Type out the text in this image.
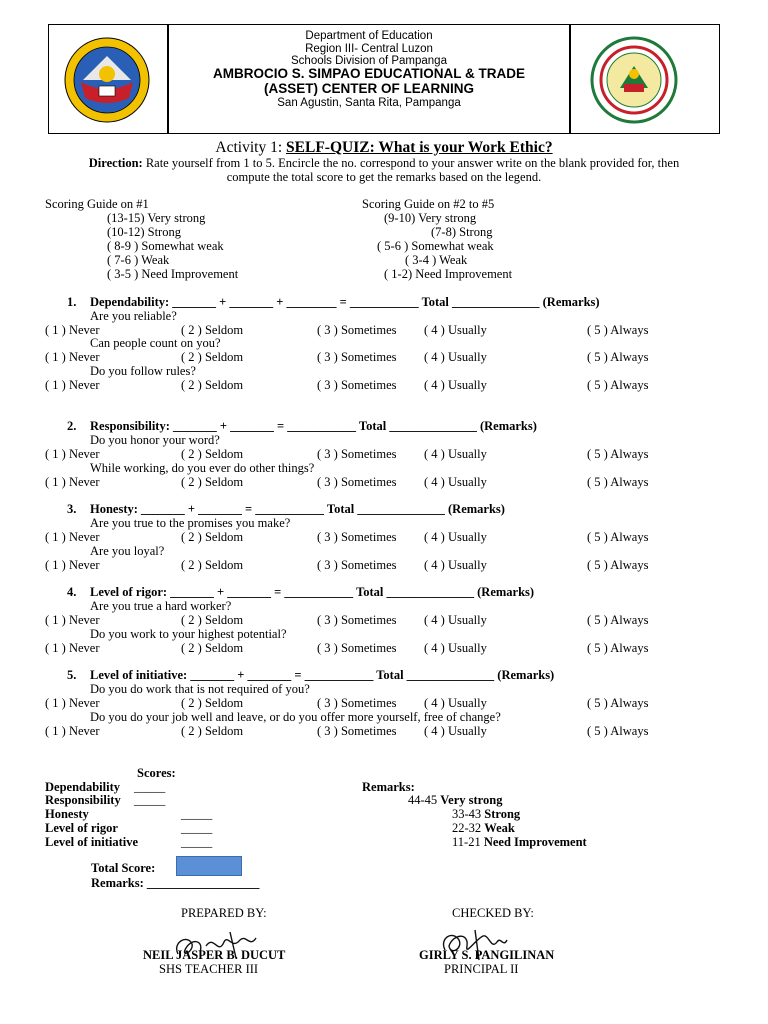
Department of Education
Region III- Central Luzon
Schools Division of Pampanga
AMBROCIO S. SIMPAO EDUCATIONAL & TRADE
(ASSET) CENTER OF LEARNING
San Agustin, Santa Rita, Pampanga
Activity 1: SELF-QUIZ: What is your Work Ethic?
Direction: Rate yourself from 1 to 5. Encircle the no. correspond to your answer write on the blank provided for, then
compute the total score to get the remarks based on the legend.
Scoring Guide on #1
(13-15) Very strong
(10-12) Strong
( 8-9 ) Somewhat weak
( 7-6 ) Weak
( 3-5 ) Need Improvement
Scoring Guide on #2 to #5
(9-10) Very strong
(7-8) Strong
( 5-6 ) Somewhat weak
( 3-4 ) Weak
( 1-2) Need Improvement
1. Dependability: _______ + _______ + ________ = ___________ Total ______________ (Remarks)
Are you reliable?
( 1 ) Never	( 2 ) Seldom	( 3 ) Sometimes ( 4 ) Usually	( 5 ) Always
Can people count on you?
( 1 ) Never	( 2 ) Seldom	( 3 ) Sometimes ( 4 ) Usually	( 5 ) Always
Do you follow rules?
( 1 ) Never	( 2 ) Seldom	( 3 ) Sometimes ( 4 ) Usually	( 5 ) Always
2. Responsibility: _______ + _______ = ___________ Total ______________ (Remarks)
Do you honor your word?
( 1 ) Never	( 2 ) Seldom	( 3 ) Sometimes ( 4 ) Usually	( 5 ) Always
While working, do you ever do other things?
( 1 ) Never	( 2 ) Seldom	( 3 ) Sometimes ( 4 ) Usually	( 5 ) Always
3. Honesty: _______ + _______ = ___________ Total ______________ (Remarks)
Are you true to the promises you make?
( 1 ) Never	( 2 ) Seldom	( 3 ) Sometimes ( 4 ) Usually	( 5 ) Always
Are you loyal?
( 1 ) Never	( 2 ) Seldom	( 3 ) Sometimes ( 4 ) Usually	( 5 ) Always
4. Level of rigor: _______ + _______ = ___________ Total ______________ (Remarks)
Are you true a hard worker?
( 1 ) Never	( 2 ) Seldom	( 3 ) Sometimes ( 4 ) Usually	( 5 ) Always
Do you work to your highest potential?
( 1 ) Never	( 2 ) Seldom	( 3 ) Sometimes ( 4 ) Usually	( 5 ) Always
5. Level of initiative: _______ + _______ = ___________ Total ______________ (Remarks)
Do you do work that is not required of you?
( 1 ) Never	( 2 ) Seldom	( 3 ) Sometimes ( 4 ) Usually	( 5 ) Always
Do you do your job well and leave, or do you offer more yourself, free of change?
( 1 ) Never	( 2 ) Seldom	( 3 ) Sometimes ( 4 ) Usually	( 5 ) Always
Scores:
Dependability _____
Responsibility _____
Honesty	_____
Level of rigor	_____
Level of initiative	_____
Total Score:
Remarks: __________________
Remarks:
44-45 Very strong
33-43 Strong
22-32 Weak
11-21 Need Improvement
PREPARED BY:	CHECKED BY:
NEIL JASPER B. DUCUT
SHS TEACHER III
GIRLY S. PANGILINAN
PRINCIPAL II
